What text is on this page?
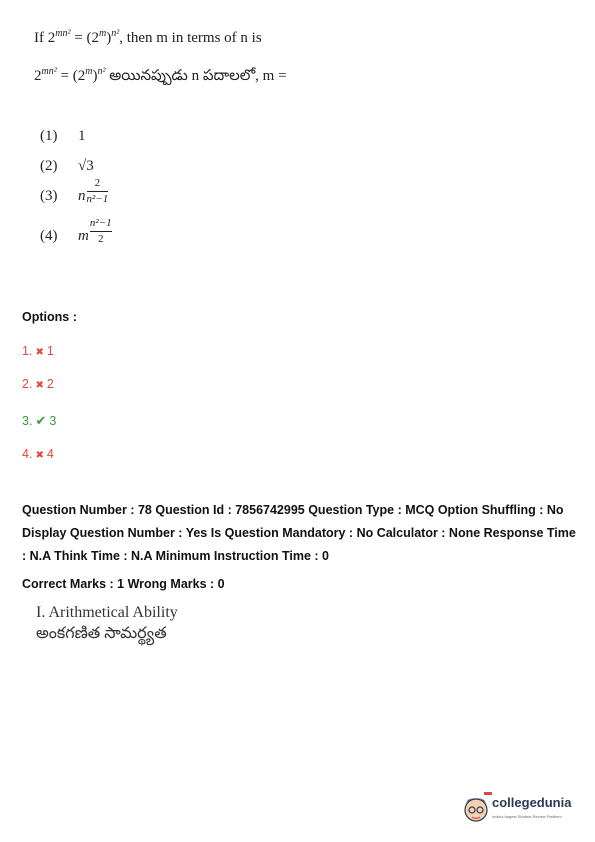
If $2^{mn^2} = (2^m)^{n^2}$, then m in terms of n is
$2^{mn^2} = (2^m)^{n^2}$ అయినప్పుడు n పదాలలో, m =
(1) 1
(2) √3
(3) n $\frac{2}{\text{n²−1}}$
(4) m $\frac{\text{n²−1}}{2}$
Options :
1. ✖ 1
2. ✖ 2
3. ✔ 3
4. ✖ 4
Question Number : 78 Question Id : 7856742995 Question Type : MCQ Option Shuffling : No Display Question Number : Yes Is Question Mandatory : No Calculator : None Response Time : N.A Think Time : N.A Minimum Instruction Time : 0
Correct Marks : 1 Wrong Marks : 0
I. Arithmetical Ability
అంకగణిత సామర్థ్యత
collegedunia
India's largest Student Review Platform
